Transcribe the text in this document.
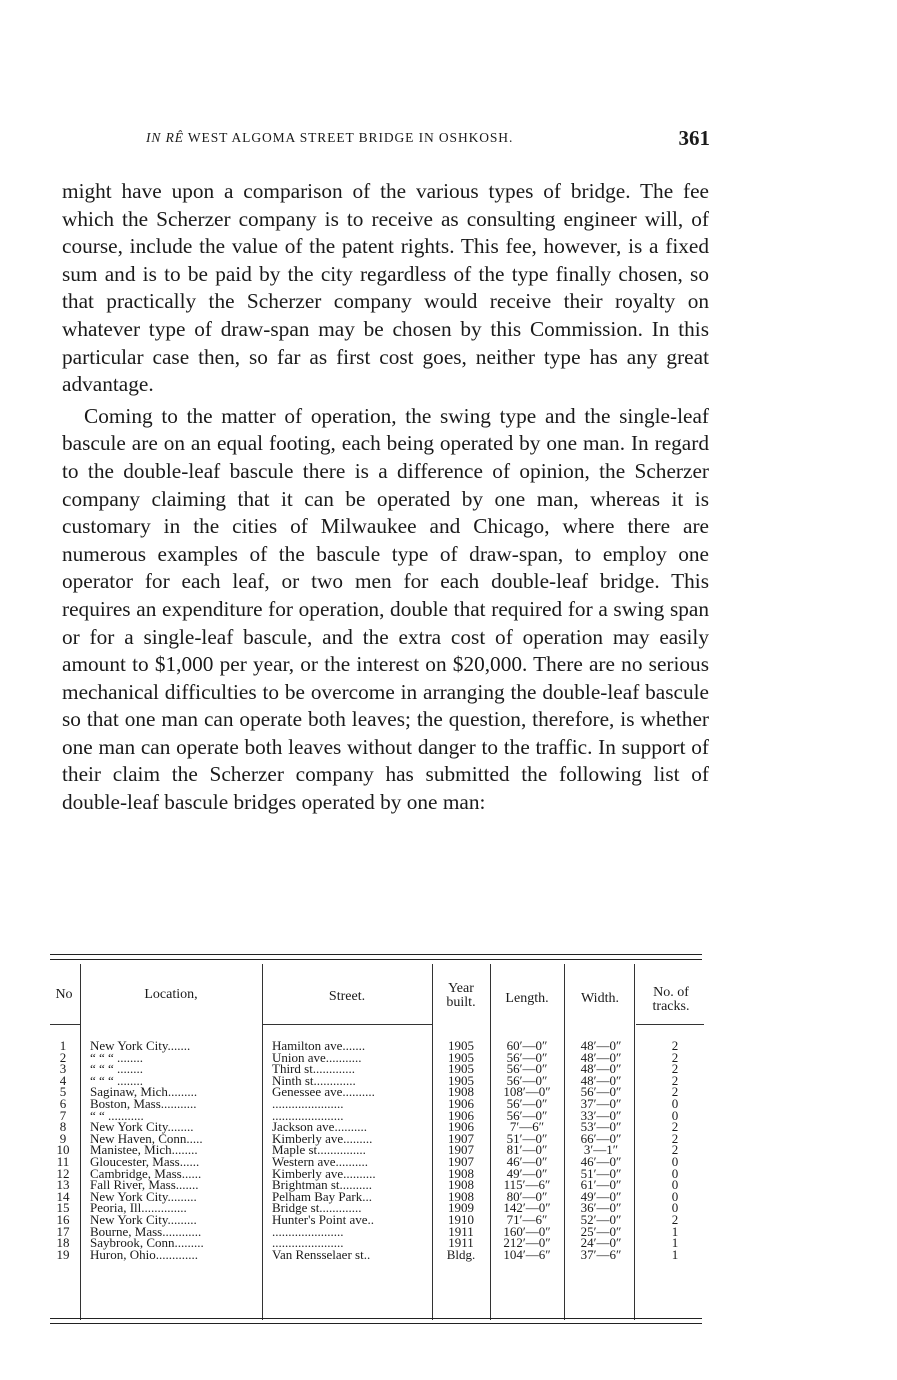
IN RÊ WEST ALGOMA STREET BRIDGE IN OSHKOSH.	361

might have upon a comparison of the various types of bridge. The fee which the Scherzer company is to receive as consulting engineer will, of course, include the value of the patent rights. This fee, however, is a fixed sum and is to be paid by the city regardless of the type finally chosen, so that practically the Scherzer company would receive their royalty on whatever type of draw-span may be chosen by this Commission. In this particular case then, so far as first cost goes, neither type has any great advantage.

Coming to the matter of operation, the swing type and the single-leaf bascule are on an equal footing, each being operated by one man. In regard to the double-leaf bascule there is a difference of opinion, the Scherzer company claiming that it can be operated by one man, whereas it is customary in the cities of Milwaukee and Chicago, where there are numerous examples of the bascule type of draw-span, to employ one operator for each leaf, or two men for each double-leaf bridge. This requires an expenditure for operation, double that required for a swing span or for a single-leaf bascule, and the extra cost of operation may easily amount to $1,000 per year, or the interest on $20,000. There are no serious mechanical difficulties to be overcome in arranging the double-leaf bascule so that one man can operate both leaves; the question, therefore, is whether one man can operate both leaves without danger to the traffic. In support of their claim the Scherzer company has submitted the following list of double-leaf bascule bridges operated by one man:

No	Location,	Street.
Year
built.	Length.	Width.	No. of
tracks.
1	New York City.......	Hamilton ave.......	1905	60′—0″	48′—0″	2
2	“ “ “ ........	Union ave...........	1905	56′—0″	48′—0″	2
3	“ “ “ ........	Third st.............	1905	56′—0″	48′—0″	2
4	“ “ “ ........	Ninth st.............	1905	56′—0″	48′—0″	2
5	Saginaw, Mich.........	Genessee ave..........	1908	108′—0″	56′—0″	2
6	Boston, Mass...........	......................	1906	56′—0″	37′—0″	0
7	“ “ ...........	......................	1906	56′—0″	33′—0″	0
8	New York City........	Jackson ave..........	1906	7′—6″	53′—0″	2
9	New Haven, Conn.....	Kimberly ave.........	1907	51′—0″	66′—0″	2
10 Manistee, Mich........	Maple st...............	1907	81′—0″	3′—1″	2
11 Gloucester, Mass......	Western ave..........	1907	46′—0″	46′—0″	0
12 Cambridge, Mass......	Kimberly ave..........	1908	49′—0″	51′—0″	0
13 Fall River, Mass.......	Brightman st..........	1908	115′—6″	61′—0″	0
14 New York City.........	Pelham Bay Park...	1908	80′—0″	49′—0″	0
15 Peoria, Ill..............	Bridge st.............	1909	142′—0″	36′—0″	0
16 New York City.........	Hunter's Point ave..	1910	71′—6″	52′—0″	2
17 Bourne, Mass............	......................	1911	160′—0″	25′—0″	1
18 Saybrook, Conn.........	......................	1911	212′—0″	24′—0″	1
19 Huron, Ohio.............	Van Rensselaer st..	Bldg.	104′—6″	37′—6″	1
